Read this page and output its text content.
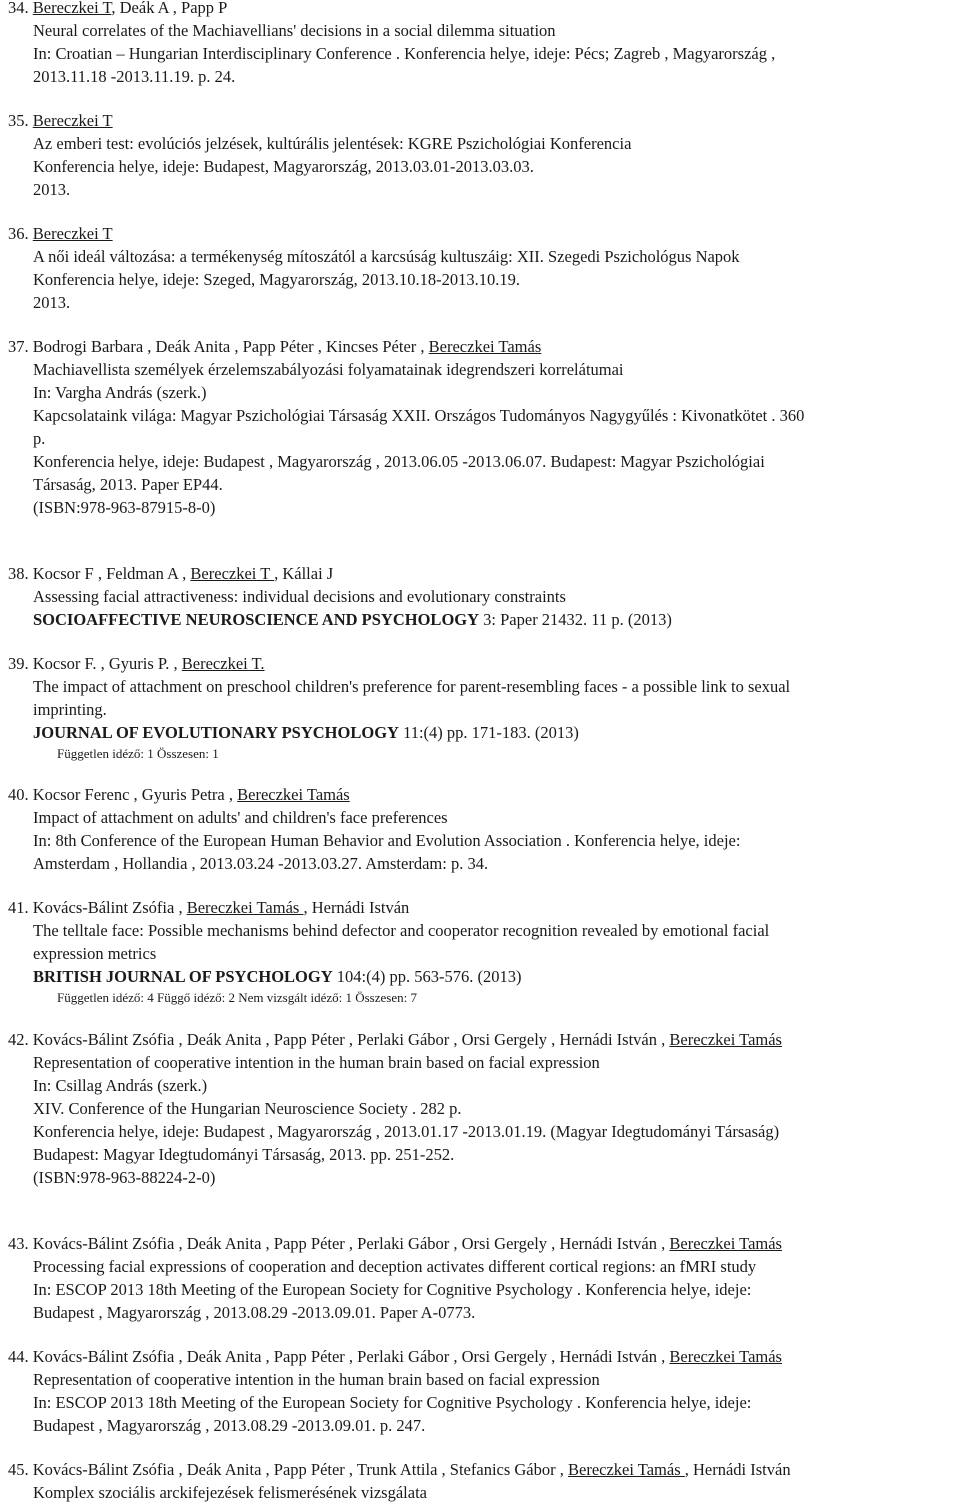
34. Bereczkei T, Deák A , Papp P
Neural correlates of the Machiavellians' decisions in a social dilemma situation
In: Croatian – Hungarian Interdisciplinary Conference . Konferencia helye, ideje: Pécs; Zagreb , Magyarország ,
2013.11.18 -2013.11.19. p. 24.
35. Bereczkei T
Az emberi test: evolúciós jelzések, kultúrális jelentések: KGRE Pszichológiai Konferencia
Konferencia helye, ideje: Budapest, Magyarország, 2013.03.01-2013.03.03.
2013.
36. Bereczkei T
A női ideál változása: a termékenység mítoszától a karcsúság kultuszáig: XII. Szegedi Pszichológus Napok
Konferencia helye, ideje: Szeged, Magyarország, 2013.10.18-2013.10.19.
2013.
37. Bodrogi Barbara , Deák Anita , Papp Péter , Kincses Péter , Bereczkei Tamás
Machiavellista személyek érzelemszabályozási folyamatainak idegrendszeri korrelátumai
In: Vargha András (szerk.)
Kapcsolataink világa: Magyar Pszichológiai Társaság XXII. Országos Tudományos Nagygyűlés : Kivonatkötet . 360
p.
Konferencia helye, ideje: Budapest , Magyarország , 2013.06.05 -2013.06.07. Budapest: Magyar Pszichológiai
Társaság, 2013. Paper EP44.
(ISBN:978-963-87915-8-0)
38. Kocsor F , Feldman A , Bereczkei T , Kállai J
Assessing facial attractiveness: individual decisions and evolutionary constraints
SOCIOAFFECTIVE NEUROSCIENCE AND PSYCHOLOGY 3: Paper 21432. 11 p. (2013)
39. Kocsor F. , Gyuris P. , Bereczkei T.
The impact of attachment on preschool children's preference for parent-resembling faces - a possible link to sexual
imprinting.
JOURNAL OF EVOLUTIONARY PSYCHOLOGY 11:(4) pp. 171-183. (2013)
Független idéző: 1 Összesen: 1
40. Kocsor Ferenc , Gyuris Petra , Bereczkei Tamás
Impact of attachment on adults' and children's face preferences
In: 8th Conference of the European Human Behavior and Evolution Association . Konferencia helye, ideje:
Amsterdam , Hollandia , 2013.03.24 -2013.03.27. Amsterdam: p. 34.
41. Kovács-Bálint Zsófia , Bereczkei Tamás , Hernádi István
The telltale face: Possible mechanisms behind defector and cooperator recognition revealed by emotional facial
expression metrics
BRITISH JOURNAL OF PSYCHOLOGY 104:(4) pp. 563-576. (2013)
Független idéző: 4 Függő idéző: 2 Nem vizsgált idéző: 1 Összesen: 7
42. Kovács-Bálint Zsófia , Deák Anita , Papp Péter , Perlaki Gábor , Orsi Gergely , Hernádi István , Bereczkei Tamás
Representation of cooperative intention in the human brain based on facial expression
In: Csillag András (szerk.)
XIV. Conference of the Hungarian Neuroscience Society . 282 p.
Konferencia helye, ideje: Budapest , Magyarország , 2013.01.17 -2013.01.19. (Magyar Idegtudományi Társaság)
Budapest: Magyar Idegtudományi Társaság, 2013. pp. 251-252.
(ISBN:978-963-88224-2-0)
43. Kovács-Bálint Zsófia , Deák Anita , Papp Péter , Perlaki Gábor , Orsi Gergely , Hernádi István , Bereczkei Tamás
Processing facial expressions of cooperation and deception activates different cortical regions: an fMRI study
In: ESCOP 2013 18th Meeting of the European Society for Cognitive Psychology . Konferencia helye, ideje:
Budapest , Magyarország , 2013.08.29 -2013.09.01. Paper A-0773.
44. Kovács-Bálint Zsófia , Deák Anita , Papp Péter , Perlaki Gábor , Orsi Gergely , Hernádi István , Bereczkei Tamás
Representation of cooperative intention in the human brain based on facial expression
In: ESCOP 2013 18th Meeting of the European Society for Cognitive Psychology . Konferencia helye, ideje:
Budapest , Magyarország , 2013.08.29 -2013.09.01. p. 247.
45. Kovács-Bálint Zsófia , Deák Anita , Papp Péter , Trunk Attila , Stefanics Gábor , Bereczkei Tamás , Hernádi István
Komplex szociális arckifejezések felismerésének vizsgálata
